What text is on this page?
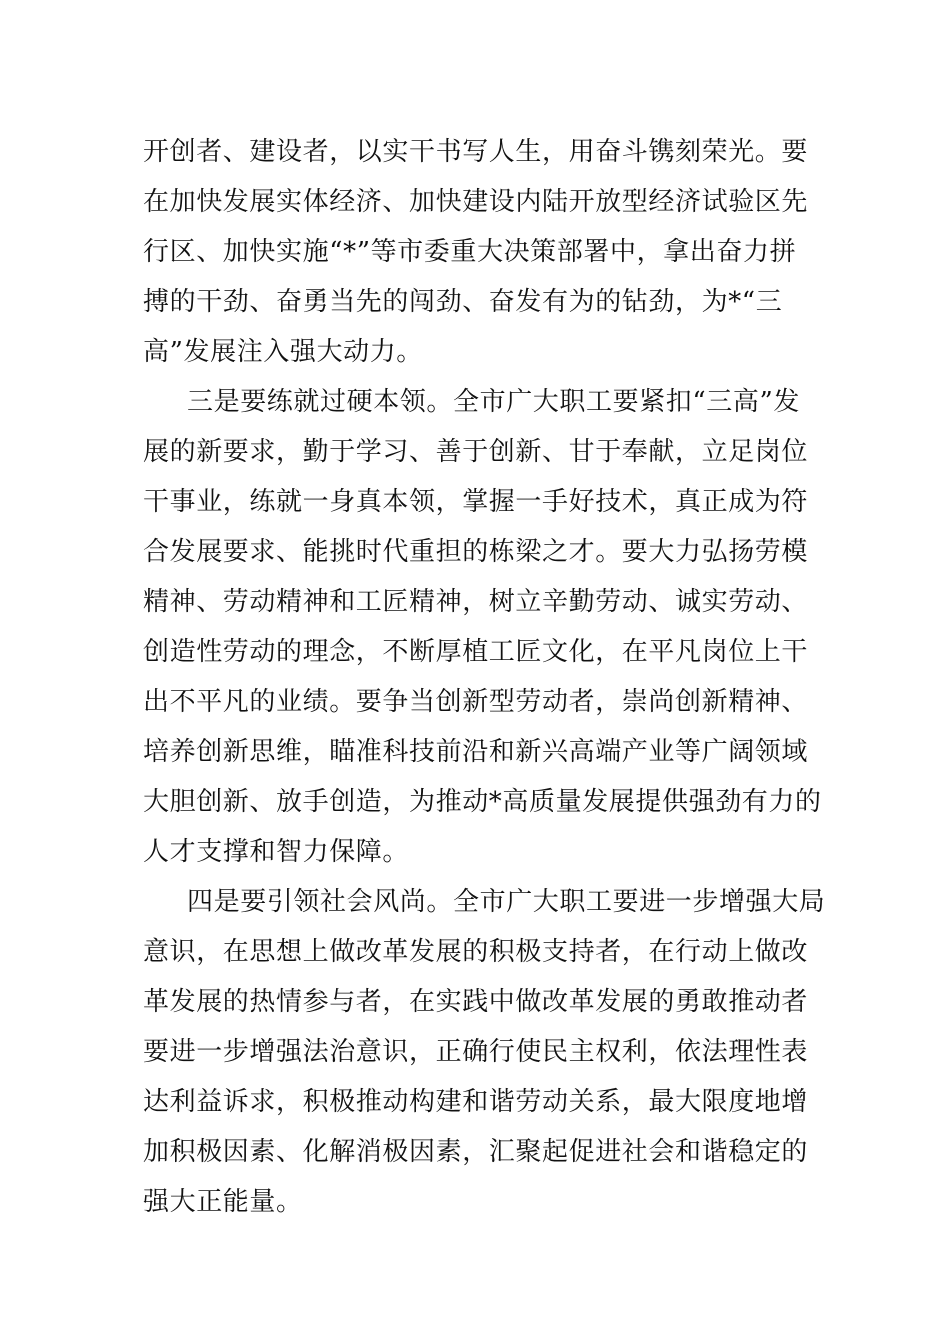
开创者、建设者，以实干书写人生，用奋斗镌刻荣光。要
在加快发展实体经济、加快建设内陆开放型经济试验区先
行区、加快实施“*”等市委重大决策部署中，拿出奋力拼
搏的干劲、奋勇当先的闯劲、奋发有为的钻劲，为*“三
高”发展注入强大动力。
三是要练就过硬本领。全市广大职工要紧扣“三高”发
展的新要求，勤于学习、善于创新、甘于奉献，立足岗位
干事业，练就一身真本领，掌握一手好技术，真正成为符
合发展要求、能挑时代重担的栋梁之才。要大力弘扬劳模
精神、劳动精神和工匠精神，树立辛勤劳动、诚实劳动、
创造性劳动的理念，不断厚植工匠文化，在平凡岗位上干
出不平凡的业绩。要争当创新型劳动者，崇尚创新精神、
培养创新思维，瞄准科技前沿和新兴高端产业等广阔领域
大胆创新、放手创造，为推动*高质量发展提供强劲有力的
人才支撑和智力保障。
四是要引领社会风尚。全市广大职工要进一步增强大局
意识，在思想上做改革发展的积极支持者，在行动上做改
革发展的热情参与者，在实践中做改革发展的勇敢推动者
要进一步增强法治意识，正确行使民主权利，依法理性表
达利益诉求，积极推动构建和谐劳动关系，最大限度地增
加积极因素、化解消极因素，汇聚起促进社会和谐稳定的
强大正能量。
